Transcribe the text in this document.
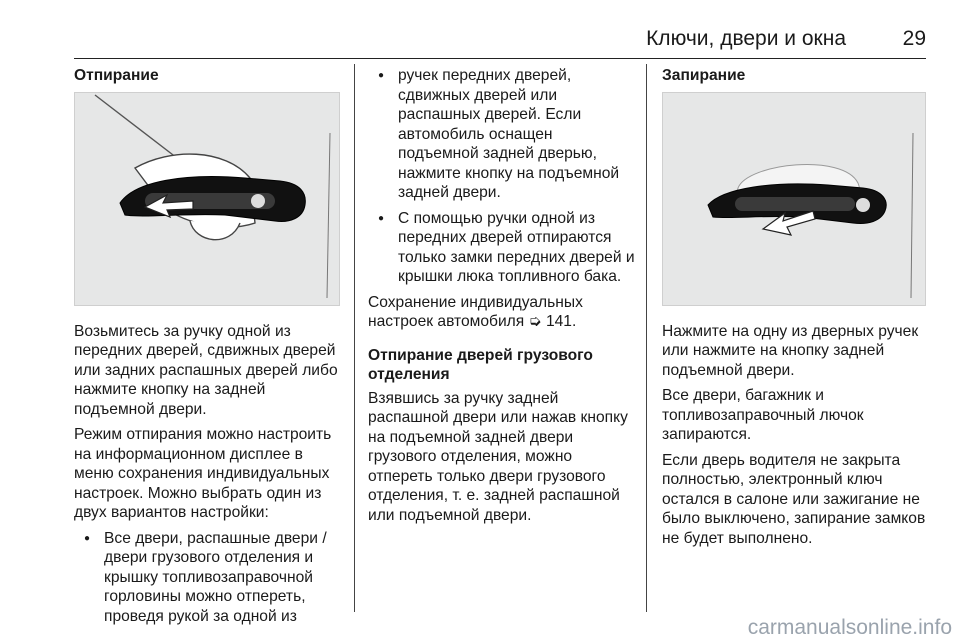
Ключи, двери и окна	29
Отпирание

Возьмитесь за ручку одной из передних дверей, сдвижных дверей или задних распашных дверей либо нажмите кнопку на задней подъемной двери.

Режим отпирания можно настроить на информационном дисплее в меню сохранения индивидуальных настроек. Можно выбрать один из двух вариантов настройки:

● Все двери, распашные двери / двери грузового отделения и крышку топливозаправочной горловины можно отпереть, проведя рукой за одной из
● ручек передних дверей, сдвижных дверей или распашных дверей. Если автомобиль оснащен подъемной задней дверью, нажмите кнопку на подъемной задней двери.
● С помощью ручки одной из передних дверей отпираются только замки передних дверей и крышки люка топливного бака.

Сохранение индивидуальных настроек автомобиля ➭ 141.

Отпирание дверей грузового отделения

Взявшись за ручку задней распашной двери или нажав кнопку на подъемной задней двери грузового отделения, можно отпереть только двери грузового отделения, т. е. задней распашной или подъемной двери.

Запирание

Нажмите на одну из дверных ручек или нажмите на кнопку задней подъемной двери.

Все двери, багажник и топливозаправочный лючок запираются.

Если дверь водителя не закрыта полностью, электронный ключ остался в салоне или зажигание не было выключено, запирание замков не будет выполнено.

carmanualsonline.info
